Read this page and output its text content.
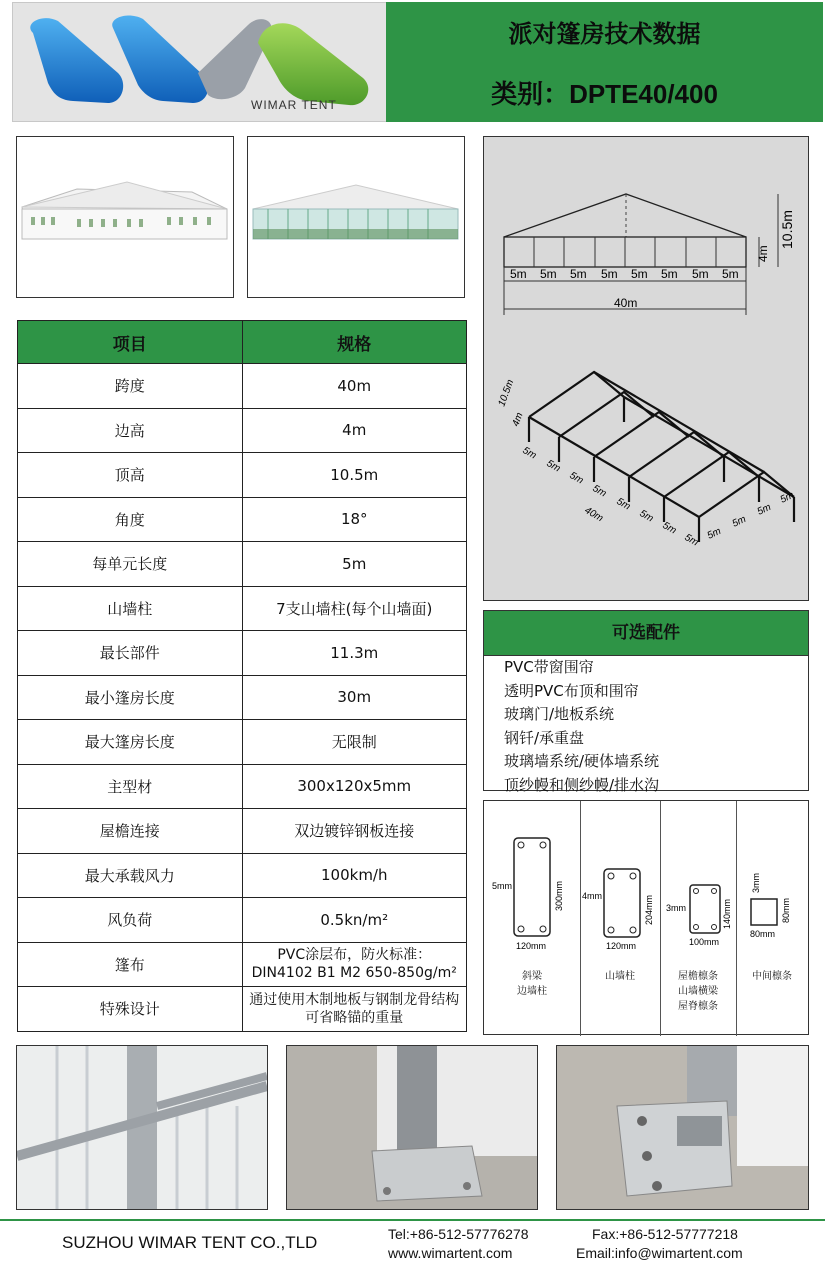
WIMAR TENT
派对篷房技术数据
类别：DPTE40/400
项目	规格
跨度	40m
边高	4m
顶高	10.5m
角度	18°
每单元长度	5m
山墙柱	7支山墙柱(每个山墙面)
最长部件	11.3m
最小篷房长度	30m
最大篷房长度	无限制
主型材	300x120x5mm
屋檐连接	双边镀锌钢板连接
最大承载风力	100km/h
风负荷	0.5kn/m²
篷布	PVC涂层布，防火标准：
DIN4102 B1 M2 650-850g/m²

特殊设计	通过使用木制地板与钢制龙骨结构
可省略锚的重量
5m 5m 5m 5m 5m 5m 5m 5m
40m
4m
10.5m
10.5m
4m
5m
5m
5m
5m
5m
5m
5m
5m
40m
5m
5m
5m
5m
可选配件
PVC带窗围帘
透明PVC布顶和围帘
玻璃门/地板系统
钢钎/承重盘
玻璃墙系统/硬体墙系统
顶纱幔和侧纱幔/排水沟
5mm	300mm
120mm
4mm	204mm
120mm
3mm	140mm
100mm
3mm
80mm
80mm
斜梁
边墙柱
山墙柱	屋檐檩条
山墙横梁
屋脊檩条
中间檩条
SUZHOU WIMAR TENT CO.,TLD	Tel:+86-512-57776278	Fax:+86-512-57777218
www.wimartent.com	Email:info@wimartent.com
